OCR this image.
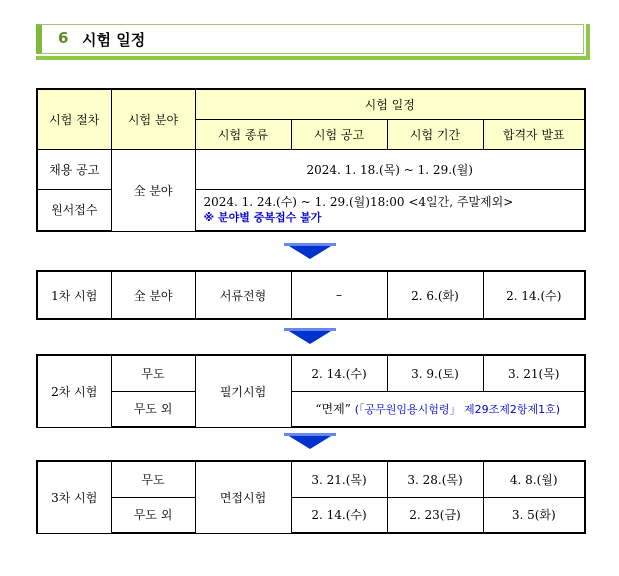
6 시험 일정
시험 절차	시험 분야	시험 일정			
		시험 종류	시험 공고	시험 기간	합격자 발표
채용 공고	全 분야	2024. 1. 18.(목) ~ 1. 29.(월)			
원서접수		2024. 1. 24.(수) ~ 1. 29.(월)18:00 <4일간, 주말제외>
※ 분야별 중복접수 불가			
1차 시험	全 분야	서류전형	–	2. 6.(화)	2. 14.(수)
2차 시험	무도	필기시험	2. 14.(수)	3. 9.(토)	3. 21(목)
	무도 외		“면제” (「공무원임용시험령」 제29조제2항제1호)		
3차 시험	무도	면접시험	3. 21.(목)	3. 28.(목)	4. 8.(월)
	무도 외		2. 14.(수)	2. 23(금)	3. 5(화)
